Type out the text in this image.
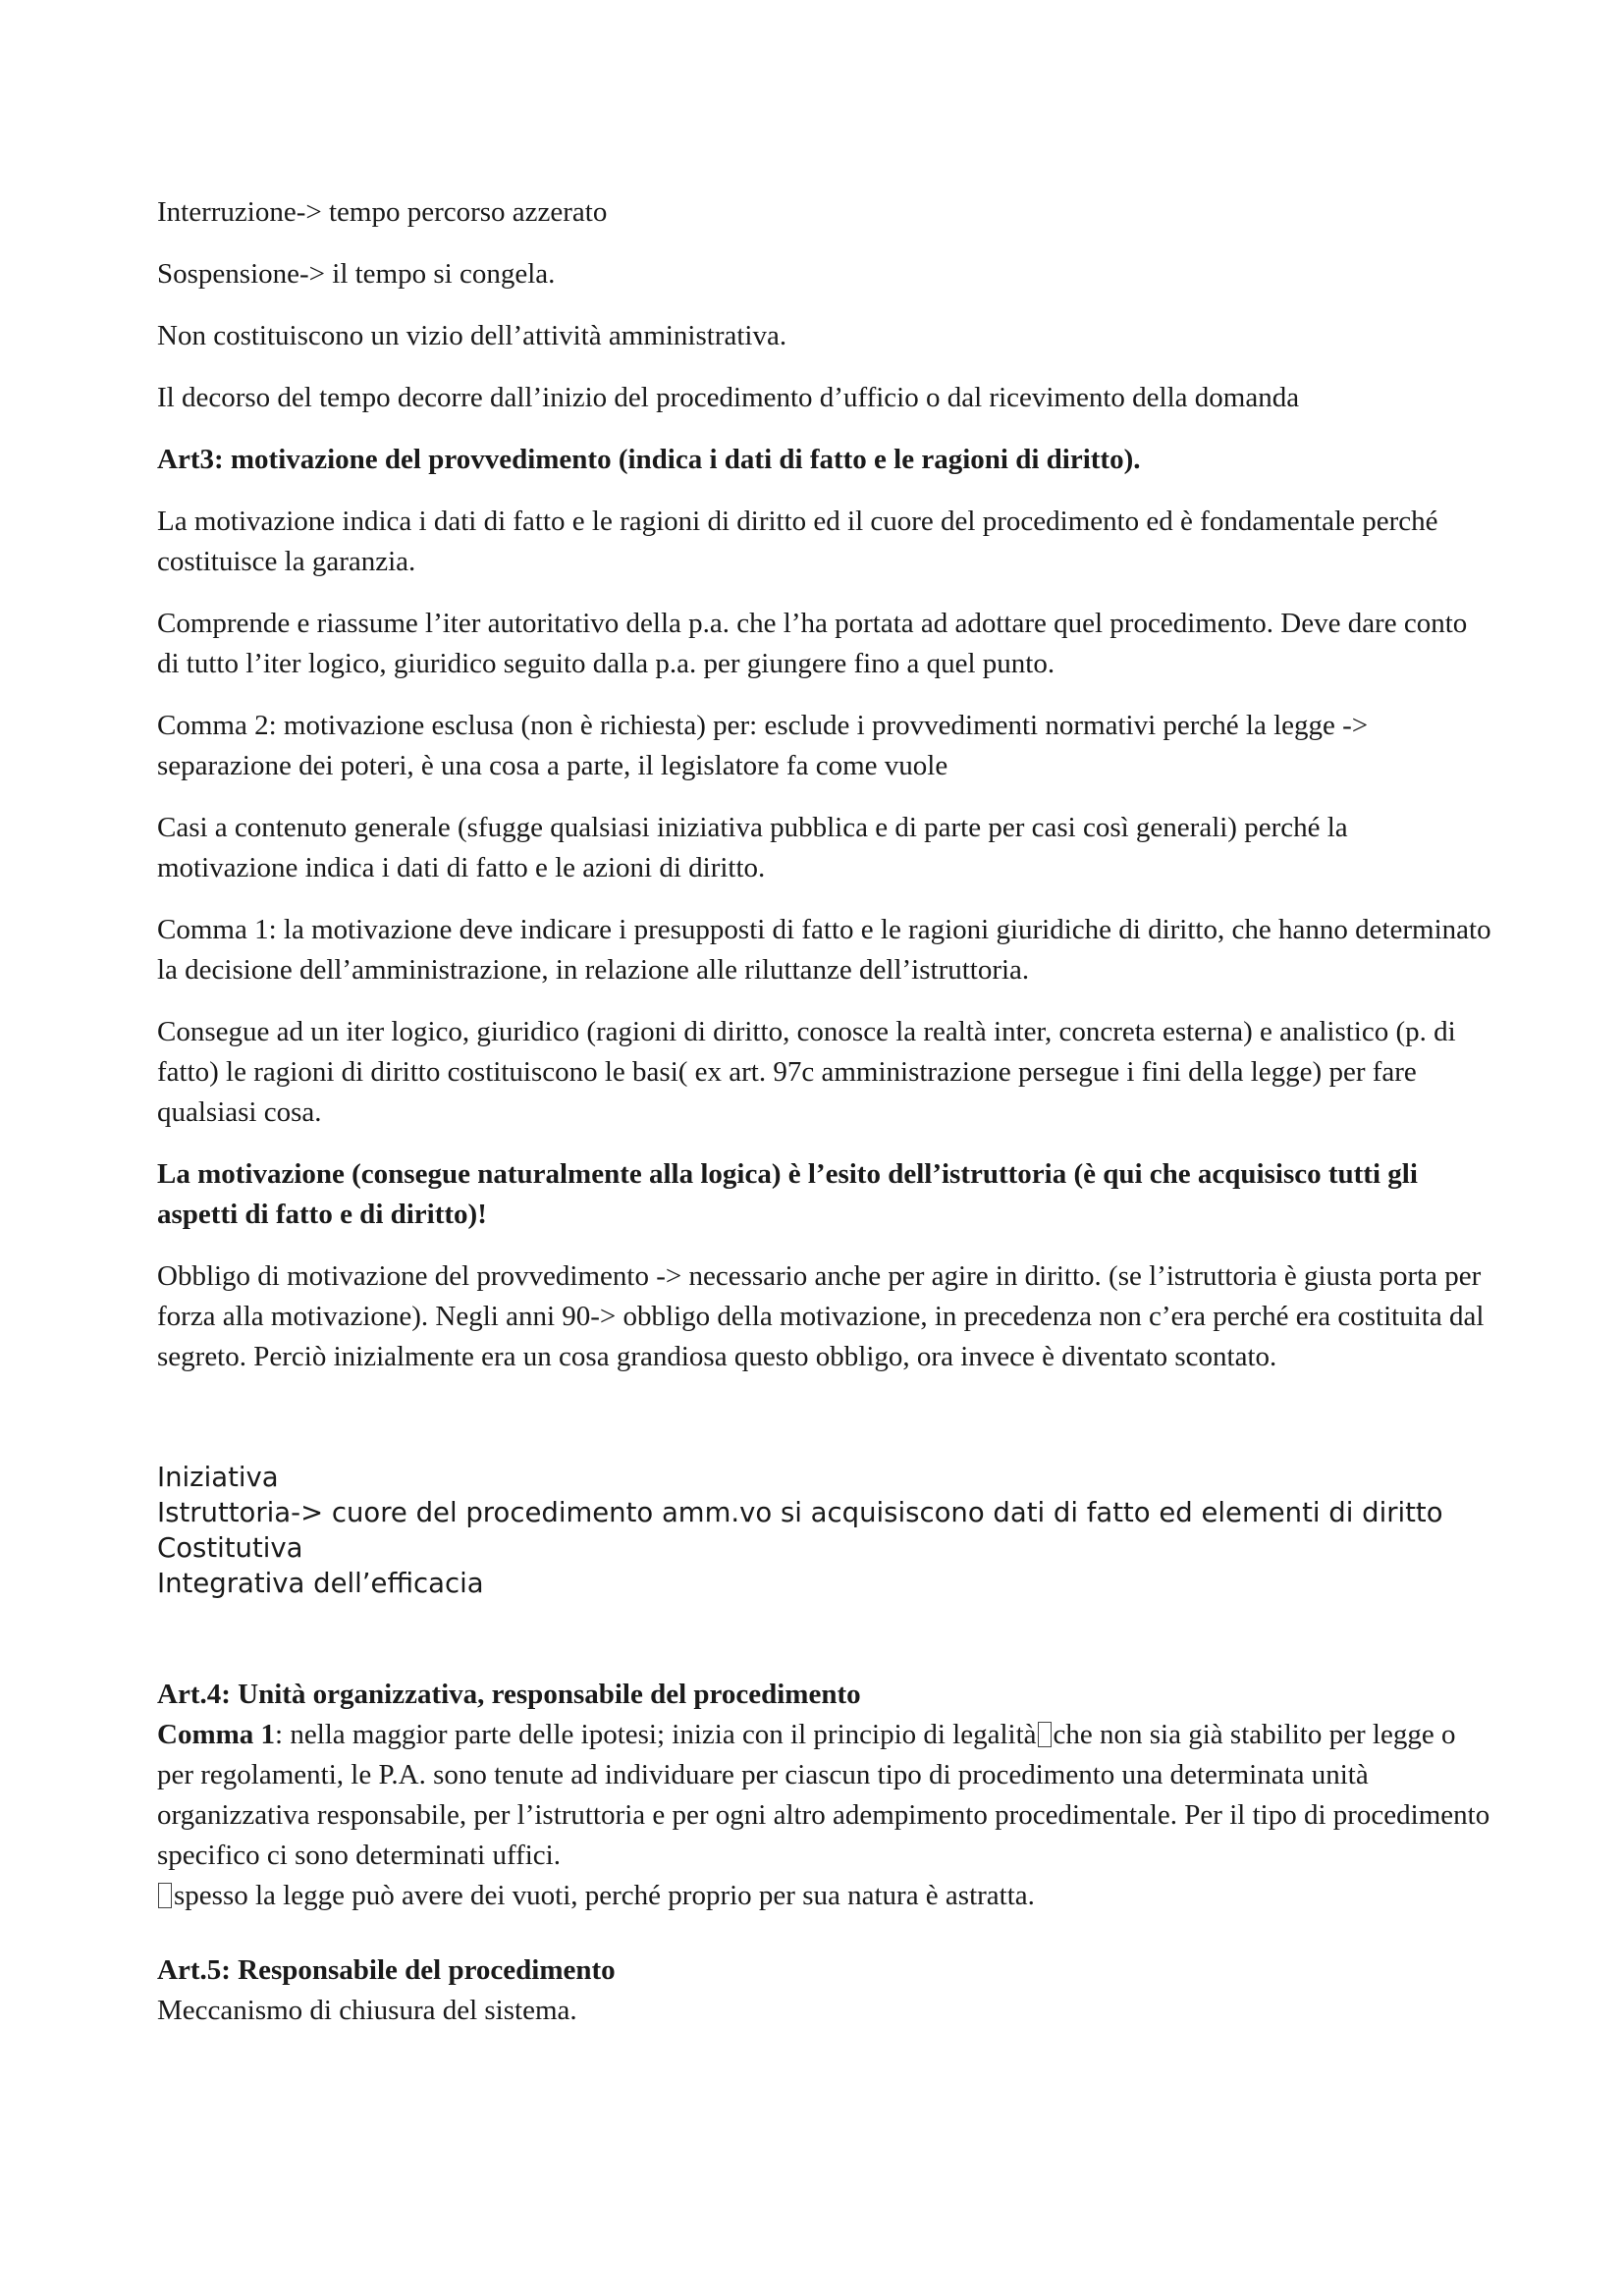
Interruzione-> tempo percorso azzerato

Sospensione-> il tempo si congela.

Non costituiscono un vizio dell’attività amministrativa.

Il decorso del tempo decorre dall’inizio del procedimento d’ufficio o dal ricevimento della domanda

Art3: motivazione del provvedimento (indica i dati di fatto e le ragioni di diritto).

La motivazione indica i dati di fatto e le ragioni di diritto ed il cuore del procedimento ed è fondamentale perché costituisce la garanzia.

Comprende e riassume l’iter autoritativo della p.a. che l’ha portata ad adottare quel procedimento. Deve dare conto di tutto l’iter logico, giuridico seguito dalla p.a. per giungere fino a quel punto.

Comma 2: motivazione esclusa (non è richiesta) per: esclude i provvedimenti normativi perché la legge -> separazione dei poteri, è una cosa a parte, il legislatore fa come vuole

Casi a contenuto generale (sfugge qualsiasi iniziativa pubblica e di parte per casi così generali) perché la motivazione indica i dati di fatto e le azioni di diritto.

Comma 1: la motivazione deve indicare i presupposti di fatto e le ragioni giuridiche di diritto, che hanno determinato la decisione dell’amministrazione, in relazione alle riluttanze dell’istruttoria.

Consegue ad un iter logico, giuridico (ragioni di diritto, conosce la realtà inter, concreta esterna) e analistico (p. di fatto) le ragioni di diritto costituiscono le basi( ex art. 97c amministrazione persegue i fini della legge) per fare qualsiasi cosa.

La motivazione (consegue naturalmente alla logica) è l’esito dell’istruttoria (è qui che acquisisco tutti gli aspetti di fatto e di diritto)!

Obbligo di motivazione del provvedimento -> necessario anche per agire in diritto. (se l’istruttoria è giusta porta per forza alla motivazione). Negli anni 90-> obbligo della motivazione, in precedenza non c’era perché era costituita dal segreto. Perciò inizialmente era un cosa grandiosa questo obbligo, ora invece è diventato scontato.

Iniziativa

Istruttoria-> cuore del procedimento amm.vo si acquisiscono dati di fatto ed elementi di diritto

Costitutiva

Integrativa dell’efficacia

Art.4: Unità organizzativa, responsabile del procedimento

Comma 1: nella maggior parte delle ipotesi; inizia con il principio di legalità che non sia già stabilito per legge o per regolamenti, le P.A. sono tenute ad individuare per ciascun tipo di procedimento una determinata unità organizzativa responsabile, per l’istruttoria e per ogni altro adempimento procedimentale. Per il tipo di procedimento specifico ci sono determinati uffici.
spesso la legge può avere dei vuoti, perché proprio per sua natura è astratta.

Art.5: Responsabile del procedimento

Meccanismo di chiusura del sistema.
